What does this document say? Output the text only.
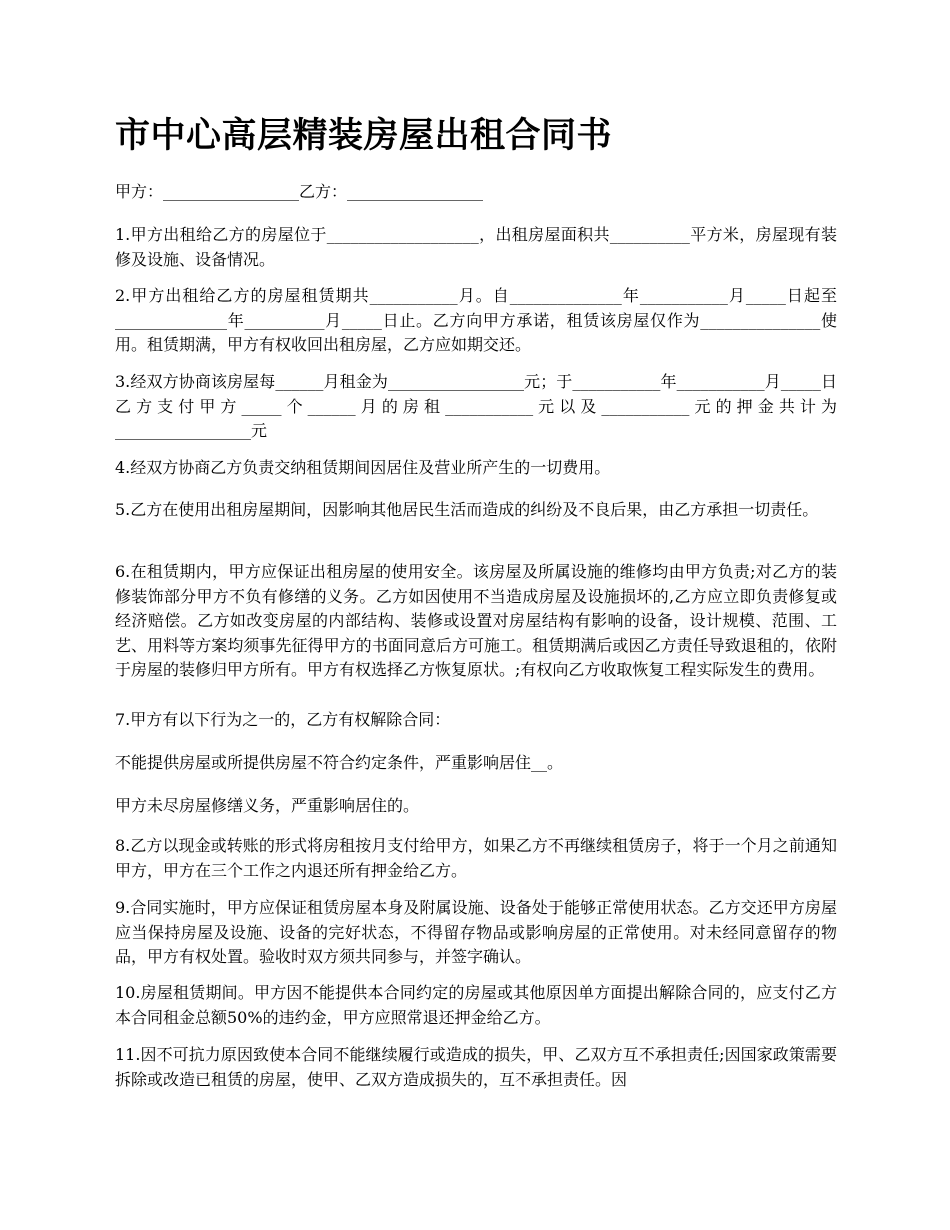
市中心高层精装房屋出租合同书

甲方：_________________乙方：_________________

1.甲方出租给乙方的房屋位于___________________，出租房屋面积共__________平方米，房屋现有装修及设施、设备情况。

2.甲方出租给乙方的房屋租赁期共___________月。自______________年___________月_____日起至______________年__________月_____日止。乙方向甲方承诺，租赁该房屋仅作为_______________使用。租赁期满，甲方有权收回出租房屋，乙方应如期交还。

3.经双方协商该房屋每______月租金为_________________元；于___________年___________月_____日乙方支付甲方_____个______月的房租___________元以及___________元的押金共计为_________________元

4.经双方协商乙方负责交纳租赁期间因居住及营业所产生的一切费用。

5.乙方在使用出租房屋期间，因影响其他居民生活而造成的纠纷及不良后果，由乙方承担一切责任。

6.在租赁期内，甲方应保证出租房屋的使用安全。该房屋及所属设施的维修均由甲方负责;对乙方的装修装饰部分甲方不负有修缮的义务。乙方如因使用不当造成房屋及设施损坏的,乙方应立即负责修复或经济赔偿。乙方如改变房屋的内部结构、装修或设置对房屋结构有影响的设备，设计规模、范围、工艺、用料等方案均须事先征得甲方的书面同意后方可施工。租赁期满后或因乙方责任导致退租的，依附于房屋的装修归甲方所有。甲方有权选择乙方恢复原状。;有权向乙方收取恢复工程实际发生的费用。

7.甲方有以下行为之一的，乙方有权解除合同：

不能提供房屋或所提供房屋不符合约定条件，严重影响居住__。

甲方未尽房屋修缮义务，严重影响居住的。

8.乙方以现金或转账的形式将房租按月支付给甲方，如果乙方不再继续租赁房子，将于一个月之前通知甲方，甲方在三个工作之内退还所有押金给乙方。

9.合同实施时，甲方应保证租赁房屋本身及附属设施、设备处于能够正常使用状态。乙方交还甲方房屋应当保持房屋及设施、设备的完好状态，不得留存物品或影响房屋的正常使用。对未经同意留存的物品，甲方有权处置。验收时双方须共同参与，并签字确认。

10.房屋租赁期间。甲方因不能提供本合同约定的房屋或其他原因单方面提出解除合同的，应支付乙方本合同租金总额50%的违约金，甲方应照常退还押金给乙方。

11.因不可抗力原因致使本合同不能继续履行或造成的损失，甲、乙双方互不承担责任;因国家政策需要拆除或改造已租赁的房屋，使甲、乙双方造成损失的，互不承担责任。因
